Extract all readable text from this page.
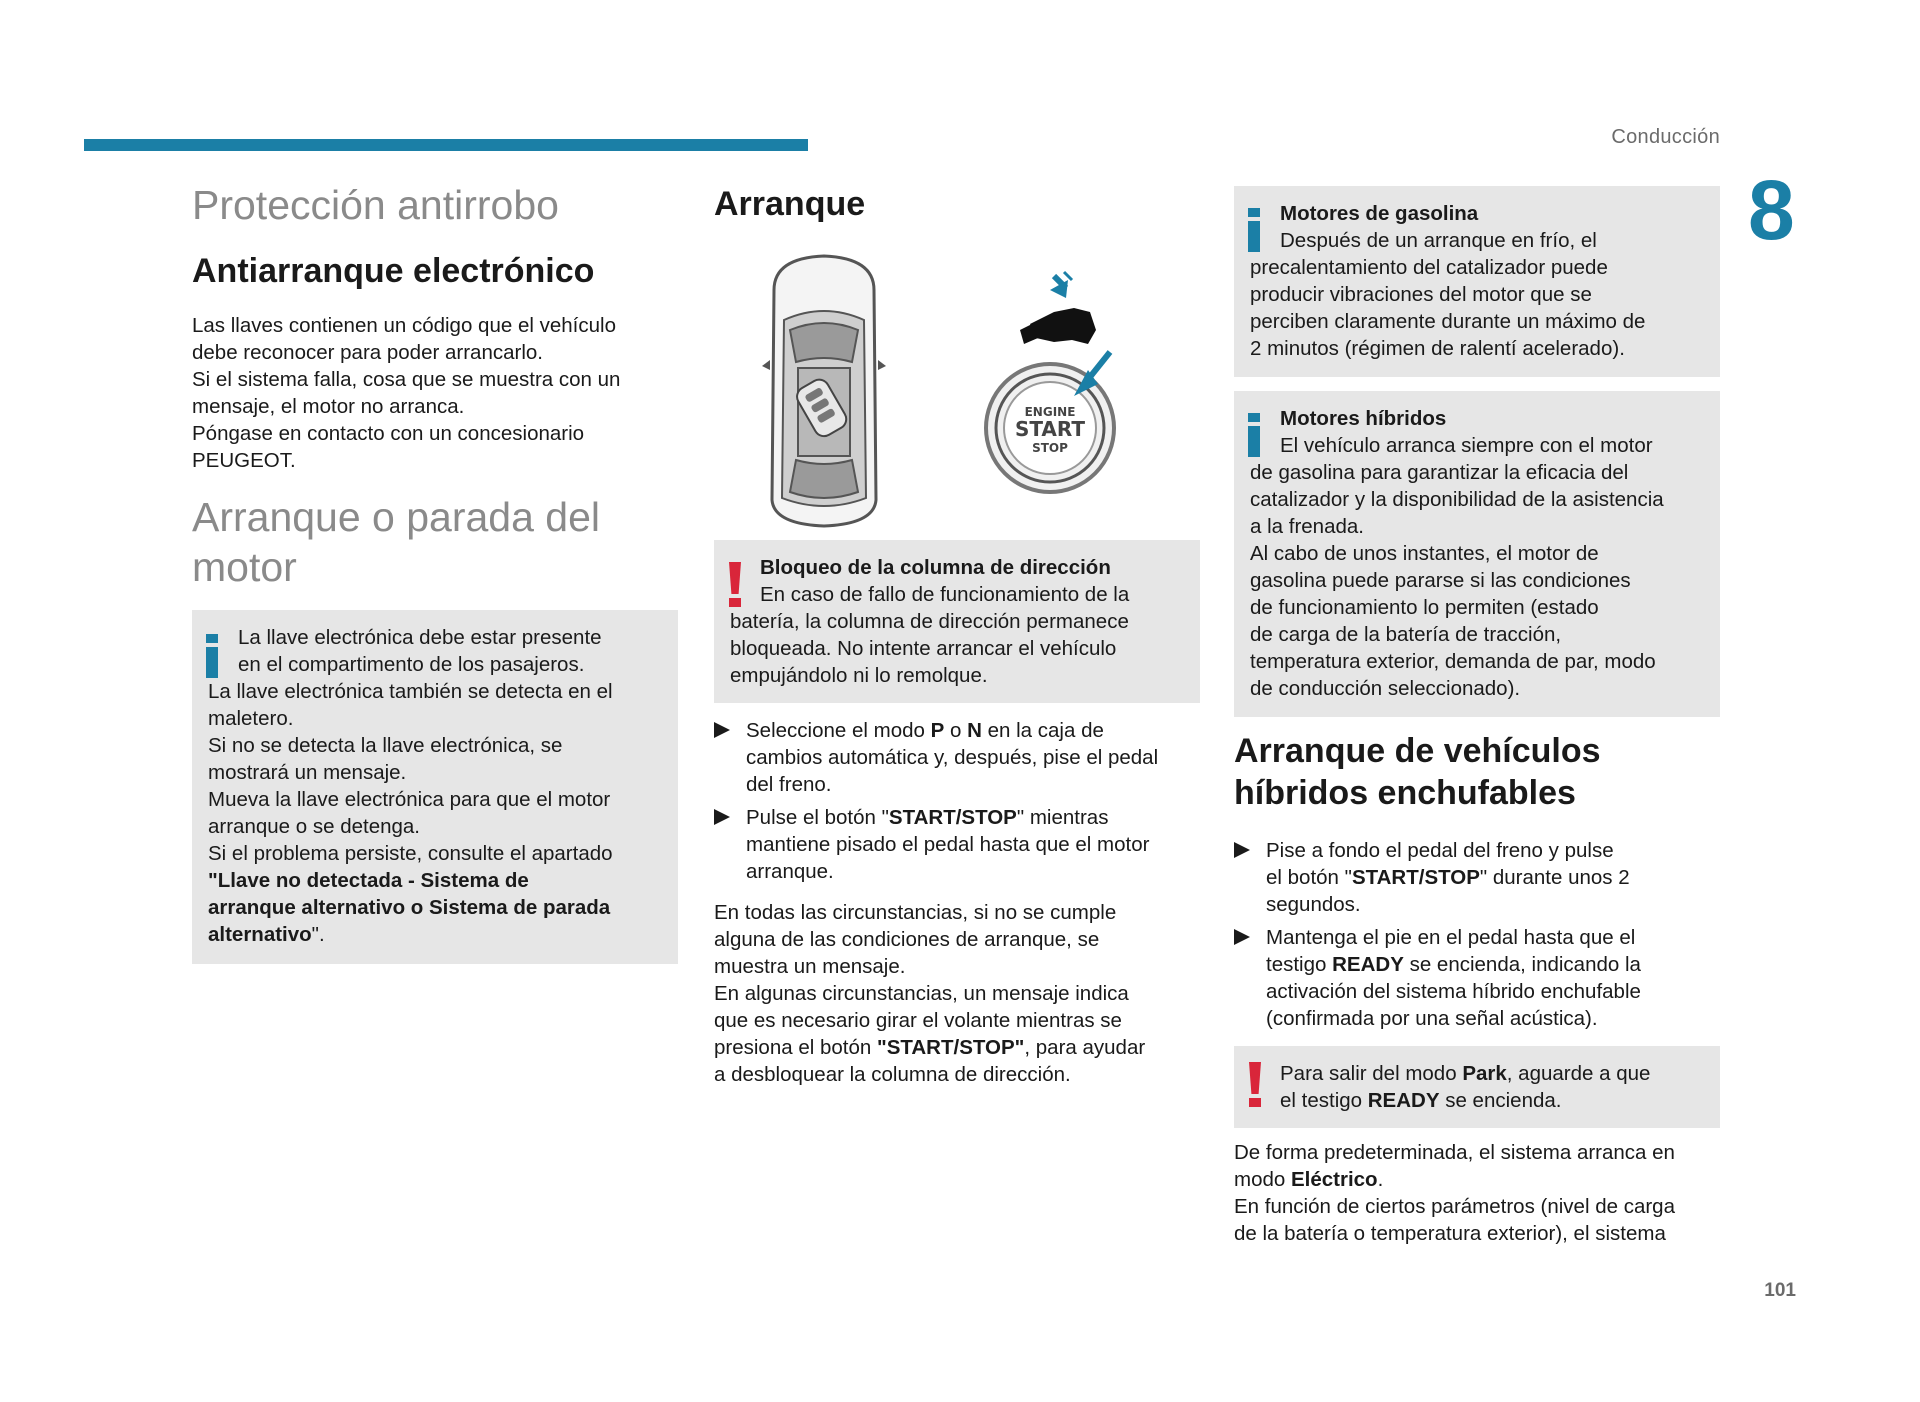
Conducción
8
101
Protección antirrobo
Antiarranque electrónico
Las llaves contienen un código que el vehículo
debe reconocer para poder arrancarlo.
Si el sistema falla, cosa que se muestra con un
mensaje, el motor no arranca.
Póngase en contacto con un concesionario
PEUGEOT.
Arranque o parada del
motor
La llave electrónica debe estar presente
en el compartimento de los pasajeros.
La llave electrónica también se detecta en el
maletero.
Si no se detecta la llave electrónica, se
mostrará un mensaje.
Mueva la llave electrónica para que el motor
arranque o se detenga.
Si el problema persiste, consulte el apartado
"Llave no detectada - Sistema de
arranque alternativo o Sistema de parada
alternativo".
Arranque
ENGINE
START
STOP
Bloqueo de la columna de dirección
En caso de fallo de funcionamiento de la
batería, la columna de dirección permanece
bloqueada. No intente arrancar el vehículo
empujándolo ni lo remolque.
Seleccione el modo P o N en la caja de
cambios automática y, después, pise el pedal
del freno.
Pulse el botón "START/STOP" mientras
mantiene pisado el pedal hasta que el motor
arranque.
En todas las circunstancias, si no se cumple
alguna de las condiciones de arranque, se
muestra un mensaje.
En algunas circunstancias, un mensaje indica
que es necesario girar el volante mientras se
presiona el botón "START/STOP", para ayudar
a desbloquear la columna de dirección.
Motores de gasolina
Después de un arranque en frío, el
precalentamiento del catalizador puede
producir vibraciones del motor que se
perciben claramente durante un máximo de
2 minutos (régimen de ralentí acelerado).
Motores híbridos
El vehículo arranca siempre con el motor
de gasolina para garantizar la eficacia del
catalizador y la disponibilidad de la asistencia
a la frenada.
Al cabo de unos instantes, el motor de
gasolina puede pararse si las condiciones
de funcionamiento lo permiten (estado
de carga de la batería de tracción,
temperatura exterior, demanda de par, modo
de conducción seleccionado).
Arranque de vehículos
híbridos enchufables
Pise a fondo el pedal del freno y pulse
el botón "START/STOP" durante unos 2
segundos.
Mantenga el pie en el pedal hasta que el
testigo READY se encienda, indicando la
activación del sistema híbrido enchufable
(confirmada por una señal acústica).
Para salir del modo Park, aguarde a que
el testigo READY se encienda.
De forma predeterminada, el sistema arranca en
modo Eléctrico.
En función de ciertos parámetros (nivel de carga
de la batería o temperatura exterior), el sistema
